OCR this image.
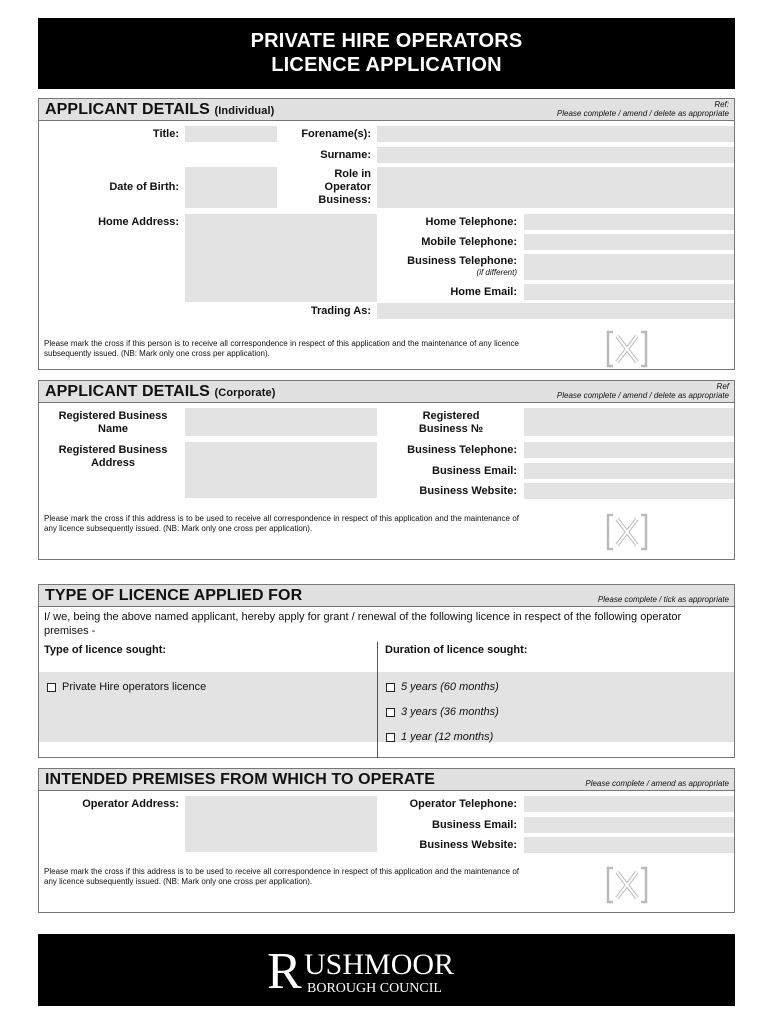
PRIVATE HIRE OPERATORS
LICENCE APPLICATION
APPLICANT DETAILS (Individual)
Ref:
Please complete / amend / delete as appropriate
Title:	Forename(s):
Surname:
Date of Birth:
Role in
Operator
Business:
Home Address:	Home Telephone:
Mobile Telephone:
Business Telephone:
(if different)
Home Email:
Trading As:
Please mark the cross if this person is to receive all correspondence in respect of this application and the maintenance of any licence subsequently issued. (NB: Mark only one cross per application).
APPLICANT DETAILS (Corporate)
Ref
Please complete / amend / delete as appropriate
Registered Business
Name
Registered
Business №
Registered Business
Address
Business Telephone:
Business Email:
Business Website:
Please mark the cross if this address is to be used to receive all correspondence in respect of this application and the maintenance of any licence subsequently issued. (NB: Mark only one cross per application).
TYPE OF LICENCE APPLIED FOR	Please complete / tick as appropriate
I/ we, being the above named applicant, hereby apply for grant / renewal of the following licence in respect of the following operator premises -
Type of licence sought:	Duration of licence sought:
Private Hire operators licence	5 years (60 months)
3 years (36 months)
1 year (12 months)
INTENDED PREMISES FROM WHICH TO OPERATE	Please complete / amend as appropriate
Operator Address:	Operator Telephone:
Business Email:
Business Website:
Please mark the cross if this address is to be used to receive all correspondence in respect of this application and the maintenance of any licence subsequently issued. (NB: Mark only one cross per application).
R USHMOOR
BOROUGH COUNCIL
